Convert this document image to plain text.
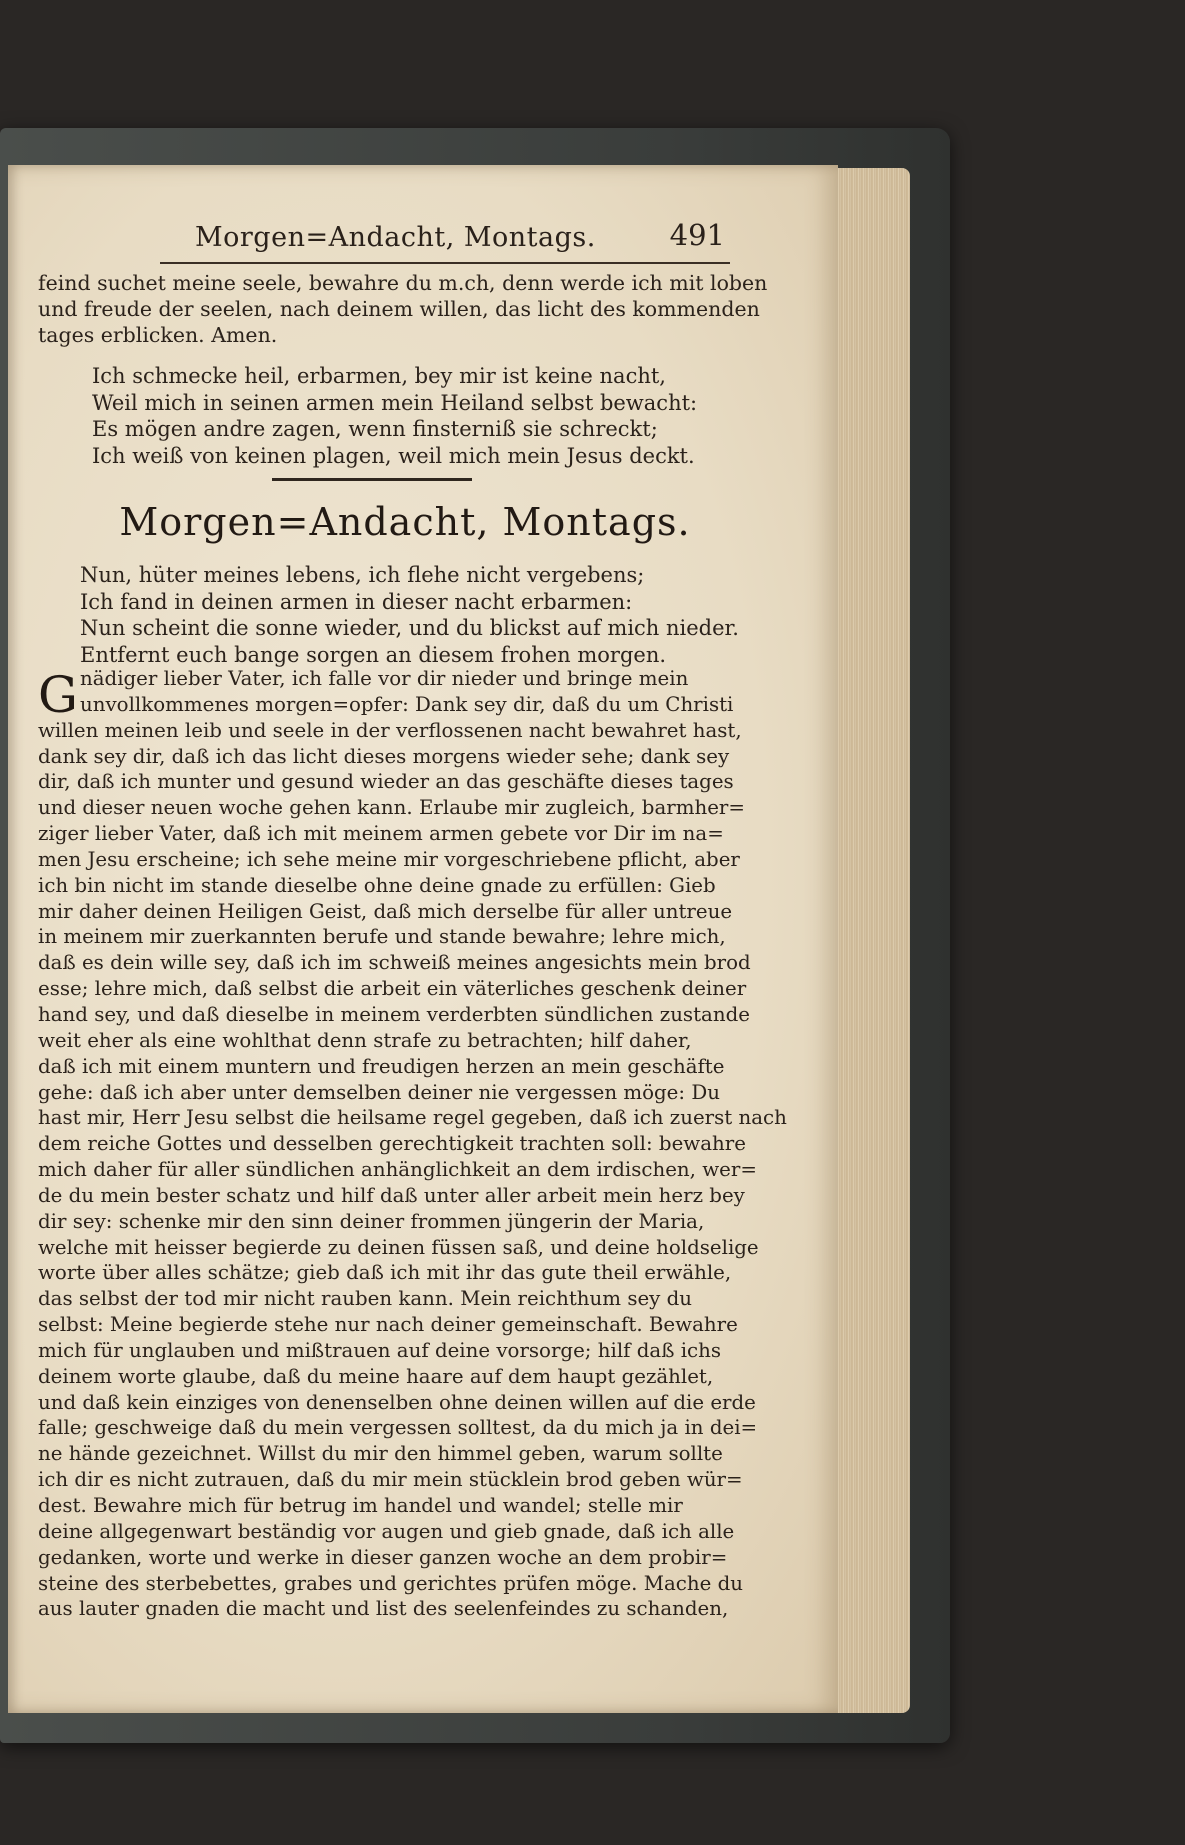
Morgen=Andacht, Montags.	491
feind suchet meine seele, bewahre du m.ch, denn werde ich mit loben
und freude der seelen, nach deinem willen, das licht des kommenden
tages erblicken. Amen.
Ich schmecke heil, erbarmen, bey mir ist keine nacht,
Weil mich in seinen armen mein Heiland selbst bewacht:
Es mögen andre zagen, wenn finsterniß sie schreckt;
Ich weiß von keinen plagen, weil mich mein Jesus deckt.
Morgen=Andacht, Montags.
Nun, hüter meines lebens, ich flehe nicht vergebens;
Ich fand in deinen armen in dieser nacht erbarmen:
Nun scheint die sonne wieder, und du blickst auf mich nieder.
Entfernt euch bange sorgen an diesem frohen morgen.
G nädiger lieber Vater, ich falle vor dir nieder und bringe mein
unvollkommenes morgen=opfer: Dank sey dir, daß du um Christi
willen meinen leib und seele in der verflossenen nacht bewahret hast,
dank sey dir, daß ich das licht dieses morgens wieder sehe; dank sey
dir, daß ich munter und gesund wieder an das geschäfte dieses tages
und dieser neuen woche gehen kann. Erlaube mir zugleich, barmher=
ziger lieber Vater, daß ich mit meinem armen gebete vor Dir im na=
men Jesu erscheine; ich sehe meine mir vorgeschriebene pflicht, aber
ich bin nicht im stande dieselbe ohne deine gnade zu erfüllen: Gieb
mir daher deinen Heiligen Geist, daß mich derselbe für aller untreue
in meinem mir zuerkannten berufe und stande bewahre; lehre mich,
daß es dein wille sey, daß ich im schweiß meines angesichts mein brod
esse; lehre mich, daß selbst die arbeit ein väterliches geschenk deiner
hand sey, und daß dieselbe in meinem verderbten sündlichen zustande
weit eher als eine wohlthat denn strafe zu betrachten; hilf daher,
daß ich mit einem muntern und freudigen herzen an mein geschäfte
gehe: daß ich aber unter demselben deiner nie vergessen möge: Du
hast mir, Herr Jesu selbst die heilsame regel gegeben, daß ich zuerst nach
dem reiche Gottes und desselben gerechtigkeit trachten soll: bewahre
mich daher für aller sündlichen anhänglichkeit an dem irdischen, wer=
de du mein bester schatz und hilf daß unter aller arbeit mein herz bey
dir sey: schenke mir den sinn deiner frommen jüngerin der Maria,
welche mit heisser begierde zu deinen füssen saß, und deine holdselige
worte über alles schätze; gieb daß ich mit ihr das gute theil erwähle,
das selbst der tod mir nicht rauben kann. Mein reichthum sey du
selbst: Meine begierde stehe nur nach deiner gemeinschaft. Bewahre
mich für unglauben und mißtrauen auf deine vorsorge; hilf daß ichs
deinem worte glaube, daß du meine haare auf dem haupt gezählet,
und daß kein einziges von denenselben ohne deinen willen auf die erde
falle; geschweige daß du mein vergessen solltest, da du mich ja in dei=
ne hände gezeichnet. Willst du mir den himmel geben, warum sollte
ich dir es nicht zutrauen, daß du mir mein stücklein brod geben wür=
dest. Bewahre mich für betrug im handel und wandel; stelle mir
deine allgegenwart beständig vor augen und gieb gnade, daß ich alle
gedanken, worte und werke in dieser ganzen woche an dem probir=
steine des sterbebettes, grabes und gerichtes prüfen möge. Mache du
aus lauter gnaden die macht und list des seelenfeindes zu schanden,
